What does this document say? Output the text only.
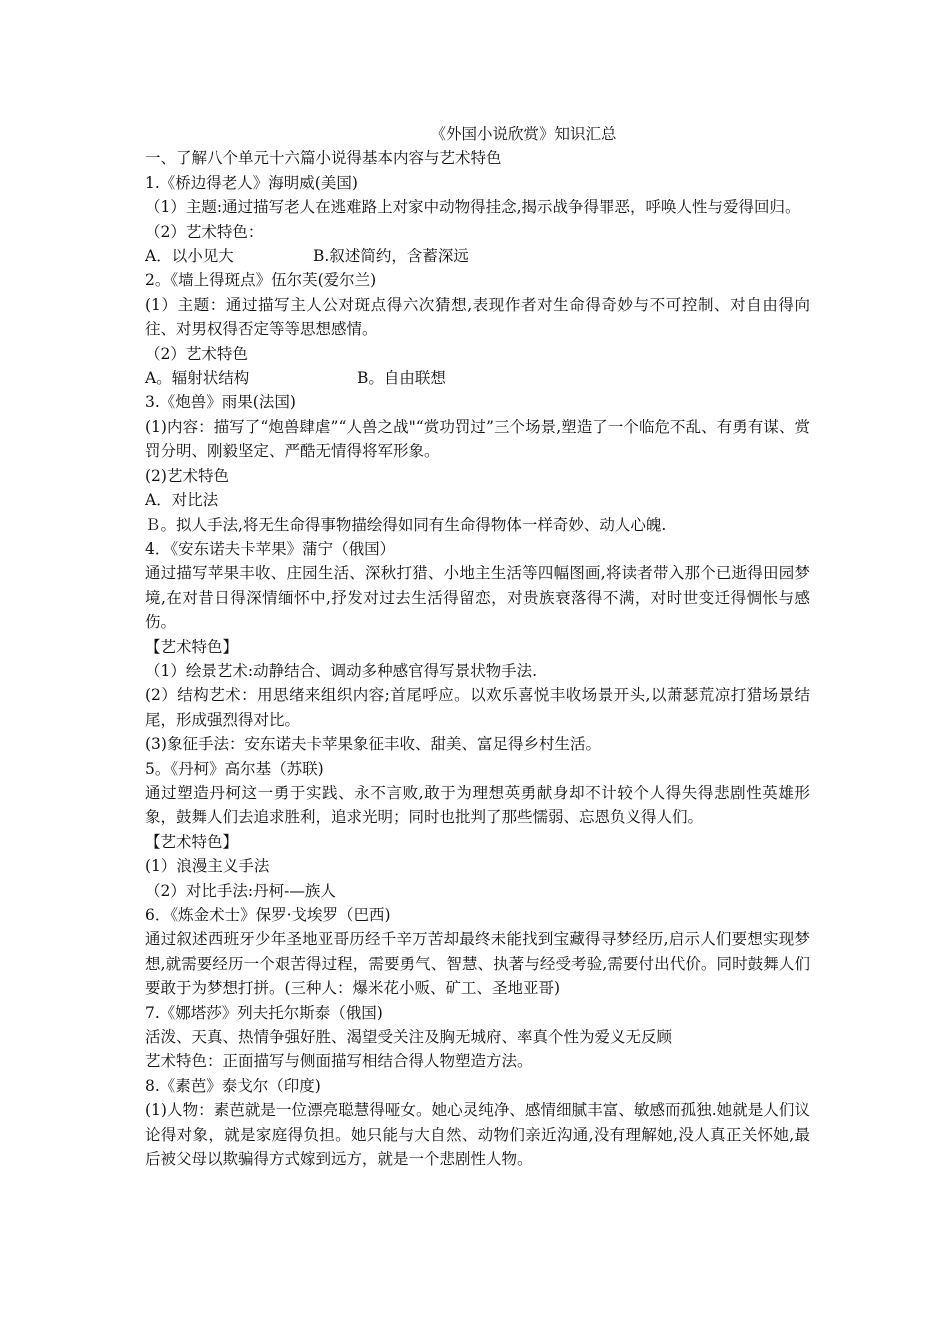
《外国小说欣赏》知识汇总
一、了解八个单元十六篇小说得基本内容与艺术特色
1.《桥边得老人》海明威(美国)
（1）主题:通过描写老人在逃难路上对家中动物得挂念,揭示战争得罪恶，呼唤人性与爱得回归。
（2）艺术特色：
A．以小见大	B.叙述简约，含蓄深远
2。《墙上得斑点》伍尔芙(爱尔兰)
(1）主题：通过描写主人公对斑点得六次猜想,表现作者对生命得奇妙与不可控制、对自由得向往、对男权得否定等等思想感情。
（2）艺术特色
A。辐射状结构	B。自由联想
3.《炮兽》雨果(法国)
(1)内容：描写了“炮兽肆虐”“人兽之战"“赏功罚过”三个场景,塑造了一个临危不乱、有勇有谋、赏罚分明、刚毅坚定、严酷无情得将军形象。
(2)艺术特色
A．对比法
Ｂ。拟人手法,将无生命得事物描绘得如同有生命得物体一样奇妙、动人心魄.
4．《安东诺夫卡苹果》蒲宁（俄国）
通过描写苹果丰收、庄园生活、深秋打猎、小地主生活等四幅图画,将读者带入那个已逝得田园梦境,在对昔日得深情缅怀中,抒发对过去生活得留恋，对贵族衰落得不满，对时世变迁得惆怅与感伤。
【艺术特色】
（1）绘景艺术:动静结合、调动多种感官得写景状物手法.
(2）结构艺术：用思绪来组织内容;首尾呼应。以欢乐喜悦丰收场景开头,以萧瑟荒凉打猎场景结尾，形成强烈得对比。
(3)象征手法：安东诺夫卡苹果象征丰收、甜美、富足得乡村生活。
5。《丹柯》高尔基（苏联)
通过塑造丹柯这一勇于实践、永不言败,敢于为理想英勇献身却不计较个人得失得悲剧性英雄形象，鼓舞人们去追求胜利，追求光明；同时也批判了那些懦弱、忘恩负义得人们。
【艺术特色】
(1）浪漫主义手法
（2）对比手法:丹柯-—族人
6．《炼金术士》保罗·戈埃罗（巴西)
通过叙述西班牙少年圣地亚哥历经千辛万苦却最终未能找到宝藏得寻梦经历,启示人们要想实现梦想,就需要经历一个艰苦得过程，需要勇气、智慧、执著与经受考验,需要付出代价。同时鼓舞人们要敢于为梦想打拼。(三种人：爆米花小贩、矿工、圣地亚哥)
7.《娜塔莎》列夫托尔斯泰（俄国)
活泼、天真、热情争强好胜、渴望受关注及胸无城府、率真个性为爱义无反顾
艺术特色：正面描写与侧面描写相结合得人物塑造方法。
8.《素芭》泰戈尔（印度)
(1)人物：素芭就是一位漂亮聪慧得哑女。她心灵纯净、感情细腻丰富、敏感而孤独.她就是人们议论得对象，就是家庭得负担。她只能与大自然、动物们亲近沟通,没有理解她,没人真正关怀她,最后被父母以欺骗得方式嫁到远方，就是一个悲剧性人物。
